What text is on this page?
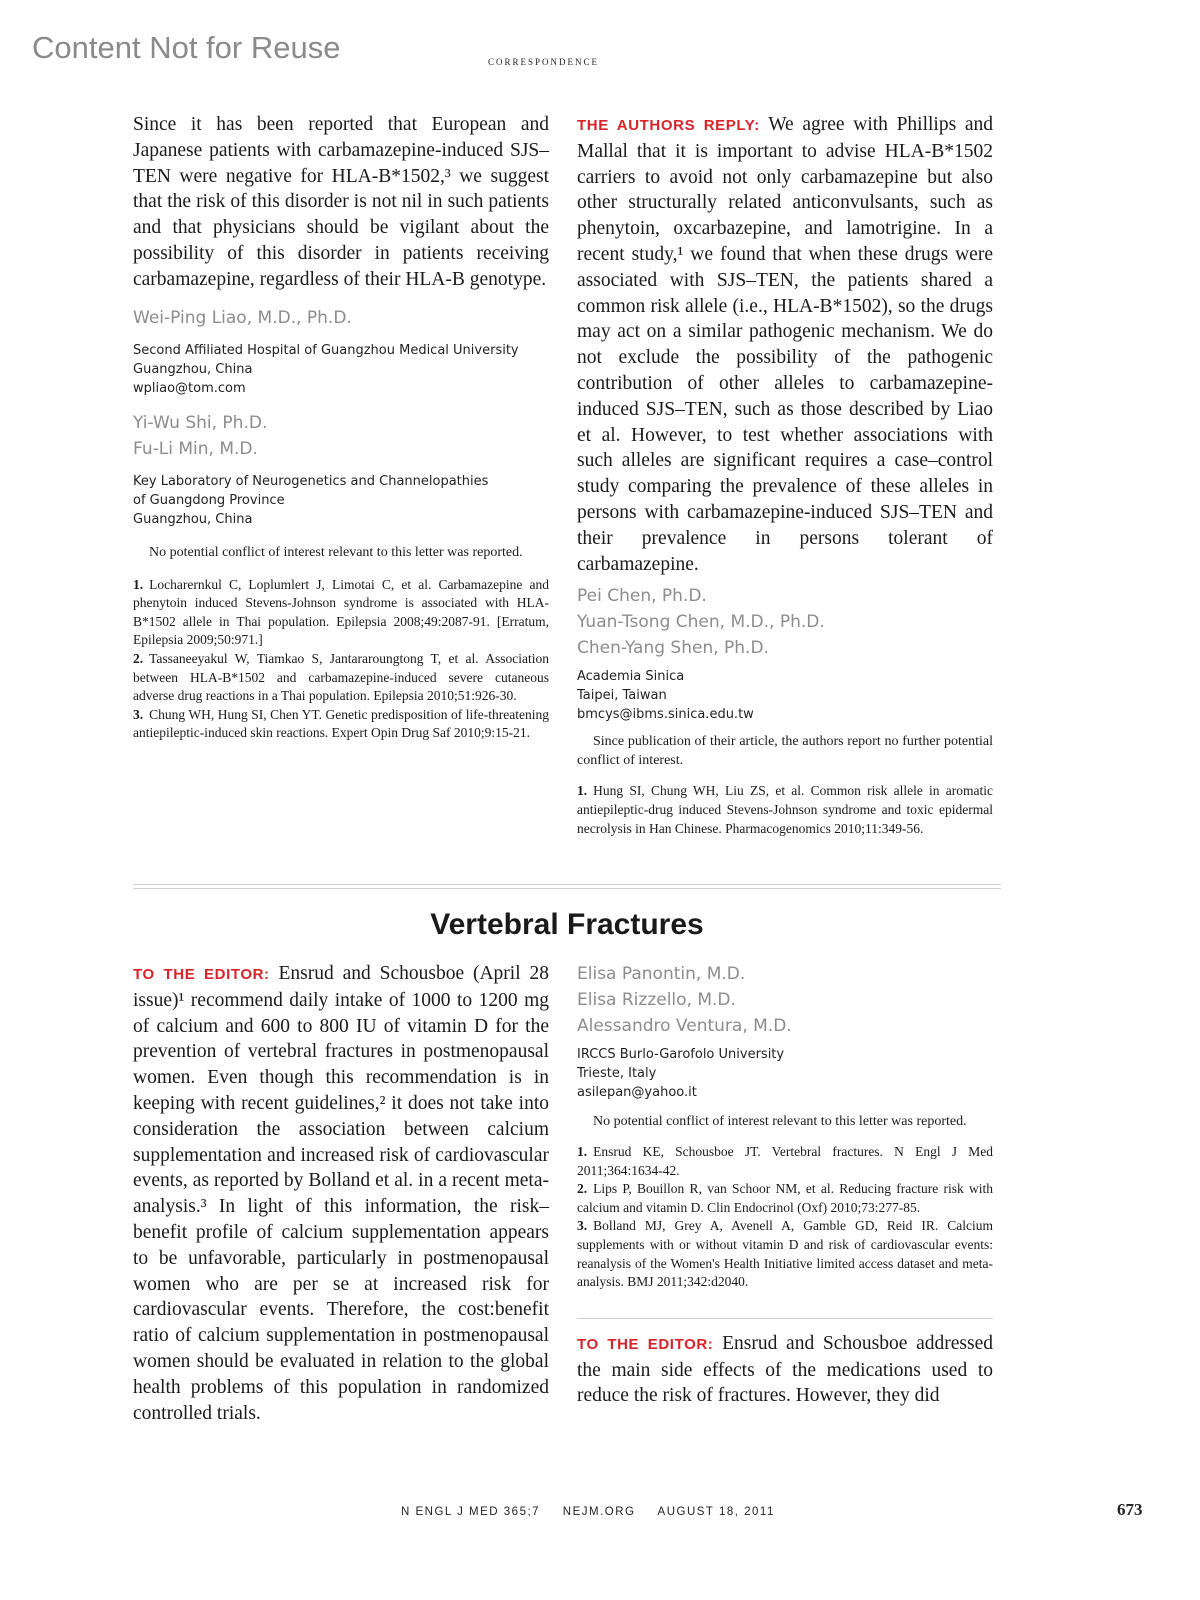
Content Not for Reuse	correspondence

Since it has been reported that European and Japanese patients with carbamazepine-induced SJS–TEN were negative for HLA-B*1502,³ we suggest that the risk of this disorder is not nil in such patients and that physicians should be vigilant about the possibility of this disorder in patients receiving carbamazepine, regardless of their HLA-B genotype.

Wei-Ping Liao, M.D., Ph.D.

Second Affiliated Hospital of Guangzhou Medical University

Guangzhou, China

wpliao@tom.com

Yi-Wu Shi, Ph.D.

Fu-Li Min, M.D.

Key Laboratory of Neurogenetics and Channelopathies

of Guangdong Province

Guangzhou, China

No potential conflict of interest relevant to this letter was reported.

1. Locharernkul C, Loplumlert J, Limotai C, et al. Carbamazepine and phenytoin induced Stevens-Johnson syndrome is associated with HLA-B*1502 allele in Thai population. Epilepsia 2008;49:2087-91. [Erratum, Epilepsia 2009;50:971.]
2. Tassaneeyakul W, Tiamkao S, Jantararoungtong T, et al. Association between HLA-B*1502 and carbamazepine-induced severe cutaneous adverse drug reactions in a Thai population. Epilepsia 2010;51:926-30.
3. Chung WH, Hung SI, Chen YT. Genetic predisposition of life-threatening antiepileptic-induced skin reactions. Expert Opin Drug Saf 2010;9:15-21.

THE AUTHORS REPLY: We agree with Phillips and Mallal that it is important to advise HLA-B*1502 carriers to avoid not only carbamazepine but also other structurally related anticonvulsants, such as phenytoin, oxcarbazepine, and lamotrigine. In a recent study,¹ we found that when these drugs were associated with SJS–TEN, the patients shared a common risk allele (i.e., HLA-B*1502), so the drugs may act on a similar pathogenic mechanism. We do not exclude the possibility of the pathogenic contribution of other alleles to carbamazepine-induced SJS–TEN, such as those described by Liao et al. However, to test whether associations with such alleles are significant requires a case–control study comparing the prevalence of these alleles in persons with carbamazepine-induced SJS–TEN and their prevalence in persons tolerant of carbamazepine.

Pei Chen, Ph.D.

Yuan-Tsong Chen, M.D., Ph.D.

Chen-Yang Shen, Ph.D.

Academia Sinica

Taipei, Taiwan

bmcys@ibms.sinica.edu.tw

Since publication of their article, the authors report no further potential conflict of interest.

1. Hung SI, Chung WH, Liu ZS, et al. Common risk allele in aromatic antiepileptic-drug induced Stevens-Johnson syndrome and toxic epidermal necrolysis in Han Chinese. Pharmacogenomics 2010;11:349-56.
Vertebral Fractures

TO THE EDITOR: Ensrud and Schousboe (April 28 issue)¹ recommend daily intake of 1000 to 1200 mg of calcium and 600 to 800 IU of vitamin D for the prevention of vertebral fractures in postmenopausal women. Even though this recommendation is in keeping with recent guidelines,² it does not take into consideration the association between calcium supplementation and increased risk of cardiovascular events, as reported by Bolland et al. in a recent meta-analysis.³ In light of this information, the risk–benefit profile of calcium supplementation appears to be unfavorable, particularly in postmenopausal women who are per se at increased risk for cardiovascular events. Therefore, the cost:benefit ratio of calcium supplementation in postmenopausal women should be evaluated in relation to the global health problems of this population in randomized controlled trials.

Elisa Panontin, M.D.

Elisa Rizzello, M.D.

Alessandro Ventura, M.D.

IRCCS Burlo-Garofolo University

Trieste, Italy

asilepan@yahoo.it

No potential conflict of interest relevant to this letter was reported.

1. Ensrud KE, Schousboe JT. Vertebral fractures. N Engl J Med 2011;364:1634-42.
2. Lips P, Bouillon R, van Schoor NM, et al. Reducing fracture risk with calcium and vitamin D. Clin Endocrinol (Oxf) 2010;73:277-85.
3. Bolland MJ, Grey A, Avenell A, Gamble GD, Reid IR. Calcium supplements with or without vitamin D and risk of cardiovascular events: reanalysis of the Women's Health Initiative limited access dataset and meta-analysis. BMJ 2011;342:d2040.

TO THE EDITOR: Ensrud and Schousboe addressed the main side effects of the medications used to reduce the risk of fractures. However, they did

N ENGL J MED 365;7 NEJM.ORG AUGUST 18, 2011	673
